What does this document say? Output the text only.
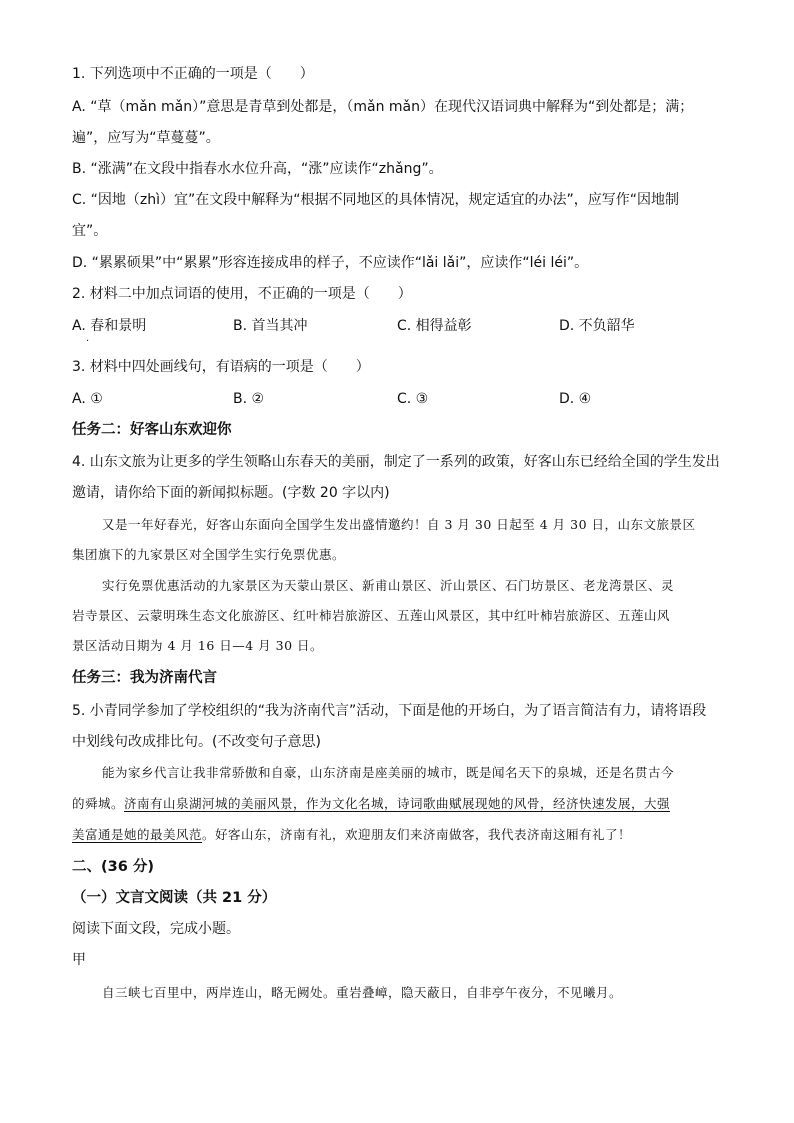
1. 下列选项中不正确的一项是（　　）
A. “草（mǎn mǎn）”意思是青草到处都是，（mǎn mǎn）在现代汉语词典中解释为“到处都是；满；
遍”，应写为“草蔓蔓”。
B. “涨满”在文段中指春水水位升高，“涨”应读作“zhǎng”。
C. “因地（zhì）宜”在文段中解释为“根据不同地区的具体情况，规定适宜的办法”，应写作“因地制
宜”。
D. “累累硕果”中“累累”形容连接成串的样子，不应读作“lǎi lǎi”，应读作“léi léi”。
2. 材料二中加点词语的使用，不正确的一项是（　　）
A. 春和景明
·
B. 首当其冲	C. 相得益彰	D. 不负韶华
3. 材料中四处画线句，有语病的一项是（　　）
A. ①	B. ②	C. ③	D. ④
任务二：好客山东欢迎你
4. 山东文旅为让更多的学生领略山东春天的美丽，制定了一系列的政策，好客山东已经给全国的学生发出
邀请，请你给下面的新闻拟标题。(字数 20 字以内)
又是一年好春光，好客山东面向全国学生发出盛情邀约！自 3 月 30 日起至 4 月 30 日，山东文旅景区
集团旗下的九家景区对全国学生实行免票优惠。
实行免票优惠活动的九家景区为天蒙山景区、新甫山景区、沂山景区、石门坊景区、老龙湾景区、灵
岩寺景区、云蒙明珠生态文化旅游区、红叶柿岩旅游区、五莲山风景区，其中红叶柿岩旅游区、五莲山风
景区活动日期为 4 月 16 日—4 月 30 日。
任务三：我为济南代言
5. 小青同学参加了学校组织的“我为济南代言”活动，下面是他的开场白，为了语言简洁有力，请将语段
中划线句改成排比句。(不改变句子意思)
能为家乡代言让我非常骄傲和自豪，山东济南是座美丽的城市，既是闻名天下的泉城，还是名贯古今
的舜城。济南有山泉湖河城的美丽风景，作为文化名城，诗词歌曲赋展现她的风骨，经济快速发展，大强
美富通是她的最美风范。好客山东，济南有礼，欢迎朋友们来济南做客，我代表济南这厢有礼了！
二、(36 分)
（一）文言文阅读（共 21 分）
阅读下面文段，完成小题。
甲
自三峡七百里中，两岸连山，略无阙处。重岩叠嶂，隐天蔽日，自非亭午夜分，不见曦月。
